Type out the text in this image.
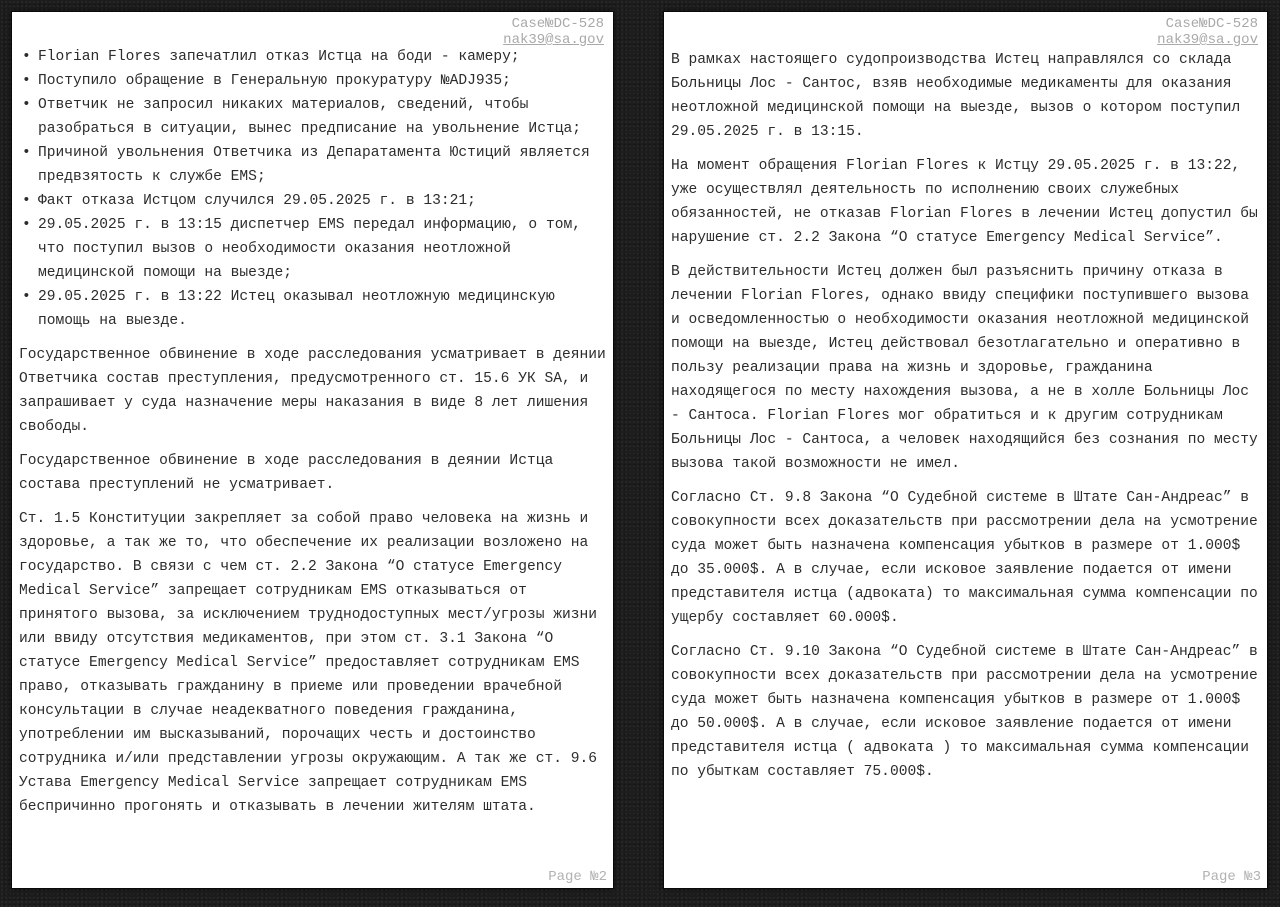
Case№DC-528
nak39@sa.gov
• Florian Flores запечатлил отказ Истца на боди - камеру;
• Поступило обращение в Генеральную прокуратуру №ADJ935;
• Ответчик не запросил никаких материалов, сведений, чтобы разобраться в ситуации, вынес предписание на увольнение Истца;
• Причиной увольнения Ответчика из Депаратамента Юстиций является предвзятость к службе EMS;
• Факт отказа Истцом случился 29.05.2025 г. в 13:21;
• 29.05.2025 г. в 13:15 диспетчер EMS передал информацию, о том, что поступил вызов о необходимости оказания неотложной медицинской помощи на выезде;
• 29.05.2025 г. в 13:22 Истец оказывал неотложную медицинскую помощь на выезде.

Государственное обвинение в ходе расследования усматривает в деянии Ответчика состав преступления, предусмотренного ст. 15.6 УК SA, и запрашивает у суда назначение меры наказания в виде 8 лет лишения свободы.

Государственное обвинение в ходе расследования в деянии Истца состава преступлений не усматривает.

Ст. 1.5 Конституции закрепляет за собой право человека на жизнь и здоровье, а так же то, что обеспечение их реализации возложено на государство. В связи с чем ст. 2.2 Закона “О статусе Emergency Medical Service” запрещает сотрудникам EMS отказываться от принятого вызова, за исключением труднодоступных мест/угрозы жизни или ввиду отсутствия медикаментов, при этом ст. 3.1 Закона “О статусе Emergency Medical Service” предоставляет сотрудникам EMS право, отказывать гражданину в приеме или проведении врачебной консультации в случае неадекватного поведения гражданина, употреблении им высказываний, порочащих честь и достоинство сотрудника и/или представлении угрозы окружающим. А так же ст. 9.6 Устава Emergency Medical Service запрещает сотрудникам EMS беспричинно прогонять и отказывать в лечении жителям штата.

Page №2
Case№DC-528
nak39@sa.gov

В рамках настоящего судопроизводства Истец направлялся со склада Больницы Лос - Сантос, взяв необходимые медикаменты для оказания неотложной медицинской помощи на выезде, вызов о котором поступил 29.05.2025 г. в 13:15.

На момент обращения Florian Flores к Истцу 29.05.2025 г. в 13:22, уже осуществлял деятельность по исполнению своих служебных обязанностей, не отказав Florian Flores в лечении Истец допустил бы нарушение ст. 2.2 Закона “О статусе Emergency Medical Service”.

В действительности Истец должен был разъяснить причину отказа в лечении Florian Flores, однако ввиду специфики поступившего вызова и осведомленностью о необходимости оказания неотложной медицинской помощи на выезде, Истец действовал безотлагательно и оперативно в пользу реализации права на жизнь и здоровье, гражданина находящегося по месту нахождения вызова, а не в холле Больницы Лос - Сантоса. Florian Flores мог обратиться и к другим сотрудникам Больницы Лос - Сантоса, а человек находящийся без сознания по месту вызова такой возможности не имел.

Согласно Ст. 9.8 Закона “О Судебной системе в Штате Сан-Андреас” в совокупности всех доказательств при рассмотрении дела на усмотрение суда может быть назначена компенсация убытков в размере от 1.000$ до 35.000$. А в случае, если исковое заявление подается от имени представителя истца (адвоката) то максимальная сумма компенсации по ущербу составляет 60.000$.

Согласно Ст. 9.10 Закона “О Судебной системе в Штате Сан-Андреас” в совокупности всех доказательств при рассмотрении дела на усмотрение суда может быть назначена компенсация убытков в размере от 1.000$ до 50.000$. А в случае, если исковое заявление подается от имени представителя истца ( адвоката ) то максимальная сумма компенсации по убыткам составляет 75.000$.

Page №3
